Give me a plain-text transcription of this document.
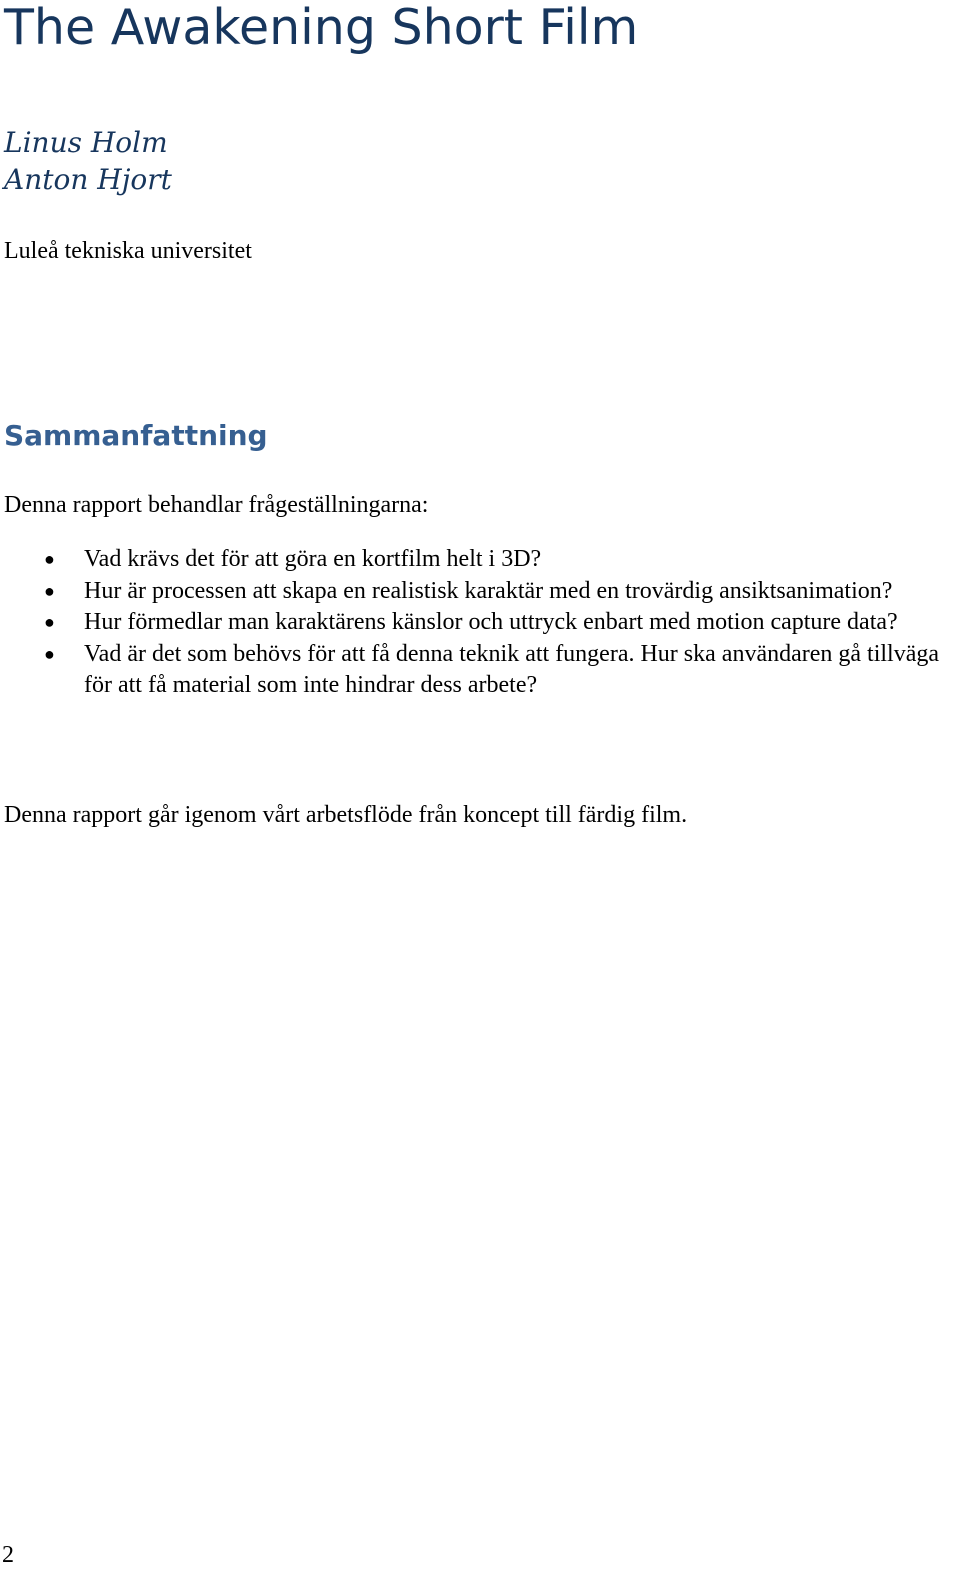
The Awakening Short Film
Linus Holm
Anton Hjort
Luleå tekniska universitet
Sammanfattning
Denna rapport behandlar frågeställningarna:
● Vad krävs det för att göra en kortfilm helt i 3D?
● Hur är processen att skapa en realistisk karaktär med en trovärdig ansiktsanimation?
● Hur förmedlar man karaktärens känslor och uttryck enbart med motion capture data?
● Vad är det som behövs för att få denna teknik att fungera. Hur ska användaren gå tillväga för att få material som inte hindrar dess arbete?
Denna rapport går igenom vårt arbetsflöde från koncept till färdig film.
2
